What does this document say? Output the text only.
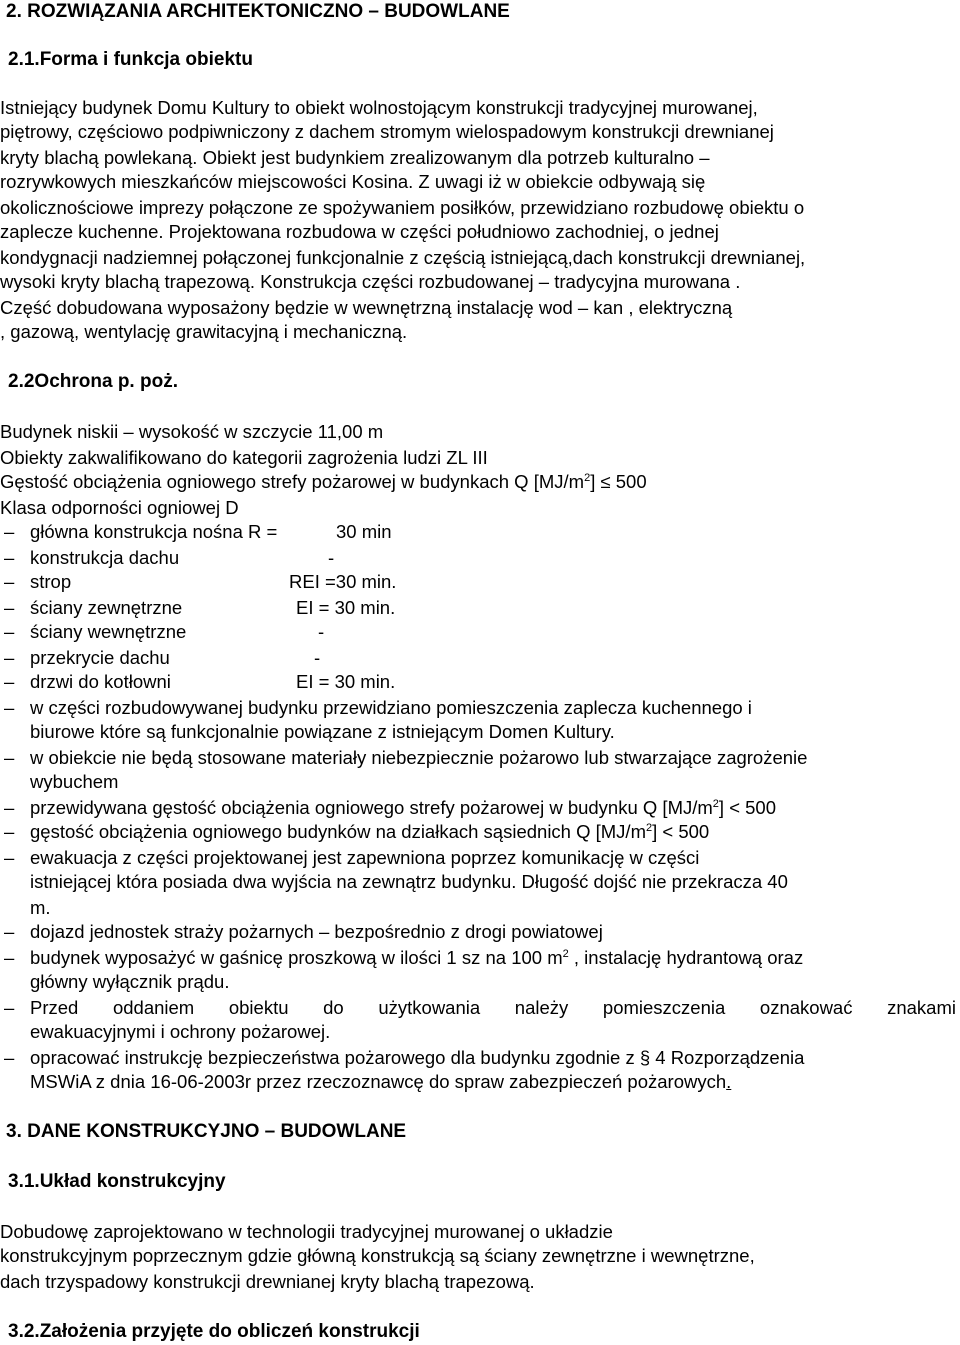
2. ROZWIĄZANIA ARCHITEKTONICZNO – BUDOWLANE
2.1.Forma i funkcja obiektu
Istniejący budynek Domu Kultury to obiekt wolnostojącym konstrukcji tradycyjnej murowanej,
piętrowy, częściowo podpiwniczony z dachem stromym wielospadowym konstrukcji drewnianej
kryty blachą powlekaną. Obiekt jest budynkiem zrealizowanym dla potrzeb kulturalno –
rozrywkowych mieszkańców miejscowości Kosina. Z uwagi iż w obiekcie odbywają się
okolicznościowe imprezy połączone ze spożywaniem posiłków, przewidziano rozbudowę obiektu o
zaplecze kuchenne. Projektowana rozbudowa w części południowo zachodniej, o jednej
kondygnacji nadziemnej połączonej funkcjonalnie z częścią istniejącą,dach konstrukcji drewnianej,
wysoki kryty blachą trapezową. Konstrukcja części rozbudowanej – tradycyjna murowana .
Część dobudowana wyposażony będzie w wewnętrzną instalację wod – kan , elektryczną
, gazową, wentylację grawitacyjną i mechaniczną.
2.2Ochrona p. poż.
Budynek niskii – wysokość w szczycie 11,00 m
Obiekty zakwalifikowano do kategorii zagrożenia ludzi ZL III
Gęstość obciążenia ogniowego strefy pożarowej w budynkach Q $[MJ/m^2] \le 500$
Klasa odporności ogniowej D
– główna konstrukcja nośna R =	30 min
– konstrukcja dachu	-
– strop	REI =30 min.
– ściany zewnętrzne	EI = 30 min.
– ściany wewnętrzne	-
– przekrycie dachu	-
– drzwi do kotłowni	EI = 30 min.
– w części rozbudowywanej budynku przewidziano pomieszczenia zaplecza kuchennego i
biurowe które są funkcjonalnie powiązane z istniejącym Domen Kultury.
– w obiekcie nie będą stosowane materiały niebezpiecznie pożarowo lub stwarzające zagrożenie
wybuchem
– przewidywana gęstość obciążenia ogniowego strefy pożarowej w budynku Q $[MJ/m^2] < 500$
– gęstość obciążenia ogniowego budynków na działkach sąsiednich Q $[MJ/m^2] < 500$
– ewakuacja z części projektowanej jest zapewniona poprzez komunikację w części
istniejącej która posiada dwa wyjścia na zewnątrz budynku. Długość dojść nie przekracza 40
m.
– dojazd jednostek straży pożarnych – bezpośrednio z drogi powiatowej
– budynek wyposażyć w gaśnicę proszkową w ilości 1 sz na 100 $m^2$ , instalację hydrantową oraz
główny wyłącznik prądu.
– Przed oddaniem obiektu do użytkowania należy pomieszczenia oznakować znakami
ewakuacyjnymi i ochrony pożarowej.
– opracować instrukcję bezpieczeństwa pożarowego dla budynku zgodnie z § 4 Rozporządzenia
MSWiA z dnia 16-06-2003r przez rzeczoznawcę do spraw zabezpieczeń pożarowych.
3. DANE KONSTRUKCYJNO – BUDOWLANE
3.1.Układ konstrukcyjny
Dobudowę zaprojektowano w technologii tradycyjnej murowanej o układzie
konstrukcyjnym poprzecznym gdzie główną konstrukcją są ściany zewnętrzne i wewnętrzne,
dach trzyspadowy konstrukcji drewnianej kryty blachą trapezową.
3.2.Założenia przyjęte do obliczeń konstrukcji
